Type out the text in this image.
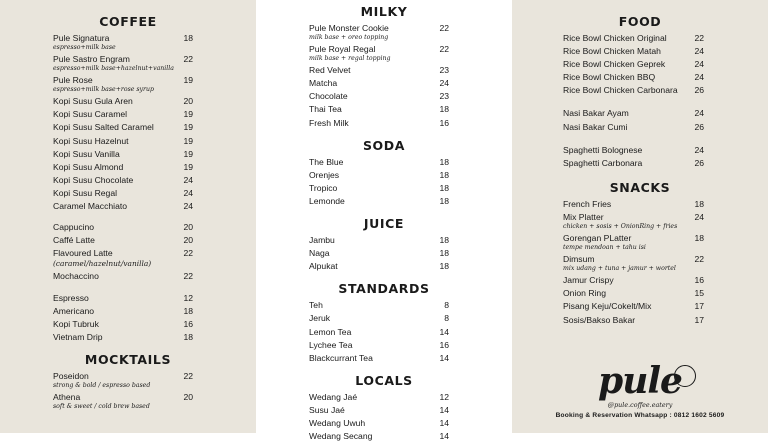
COFFEE
Pule Signatura	18
espresso+milk base
Pule Sastro Engram	22
espresso+milk base+hazelnut+vanilla
Pule Rose	19
espresso+milk base+rose syrup
Kopi Susu Gula Aren	20
Kopi Susu Caramel	19
Kopi Susu Salted Caramel	19
Kopi Susu Hazelnut	19
Kopi Susu Vanilla	19
Kopi Susu Almond	19
Kopi Susu Chocolate	24
Kopi Susu Regal	24
Caramel Macchiato	24
Cappucino	20
Caffé Latte	20
Flavoured Latte	22
(caramel/hazelnut/vanilla)
Mochaccino	22
Espresso	12
Americano	18
Kopi Tubruk	16
Vietnam Drip	18
MOCKTAILS
Poseidon	22
strong & bold / espresso based
Athena	20
soft & sweet / cold brew based
MILKY
Pule Monster Cookie	22
milk base + oreo topping
Pule Royal Regal	22
milk base + regal topping
Red Velvet	23
Matcha	24
Chocolate	23
Thai Tea	18
Fresh Milk	16
SODA
The Blue	18
Orenjes	18
Tropico	18
Lemonde	18
JUICE
Jambu	18
Naga	18
Alpukat	18
STANDARDS
Teh	8
Jeruk	8
Lemon Tea	14
Lychee Tea	16
Blackcurrant Tea	14
LOCALS
Wedang Jaé	12
Susu Jaé	14
Wedang Uwuh	14
Wedang Secang	14
FOOD
Rice Bowl Chicken Original	22
Rice Bowl Chicken Matah	24
Rice Bowl Chicken Geprek	24
Rice Bowl Chicken BBQ	24
Rice Bowl Chicken Carbonara 26
Nasi Bakar Ayam	24
Nasi Bakar Cumi	26
Spaghetti Bolognese	24
Spaghetti Carbonara	26
SNACKS
French Fries	18
Mix Platter	24
chicken + sosis + OnionRing + fries
Gorengan PLatter	18
tempe mendoan + tahu isi
Dimsum	22
mix udang + tuna + jamur + wortel
Jamur Crispy	16
Onion Ring	15
Pisang Keju/Cokelt/Mix	17
Sosis/Bakso Bakar	17
pule
@pule.coffee.eatery
Booking & Reservation Whatsapp : 0812 1602 5609
